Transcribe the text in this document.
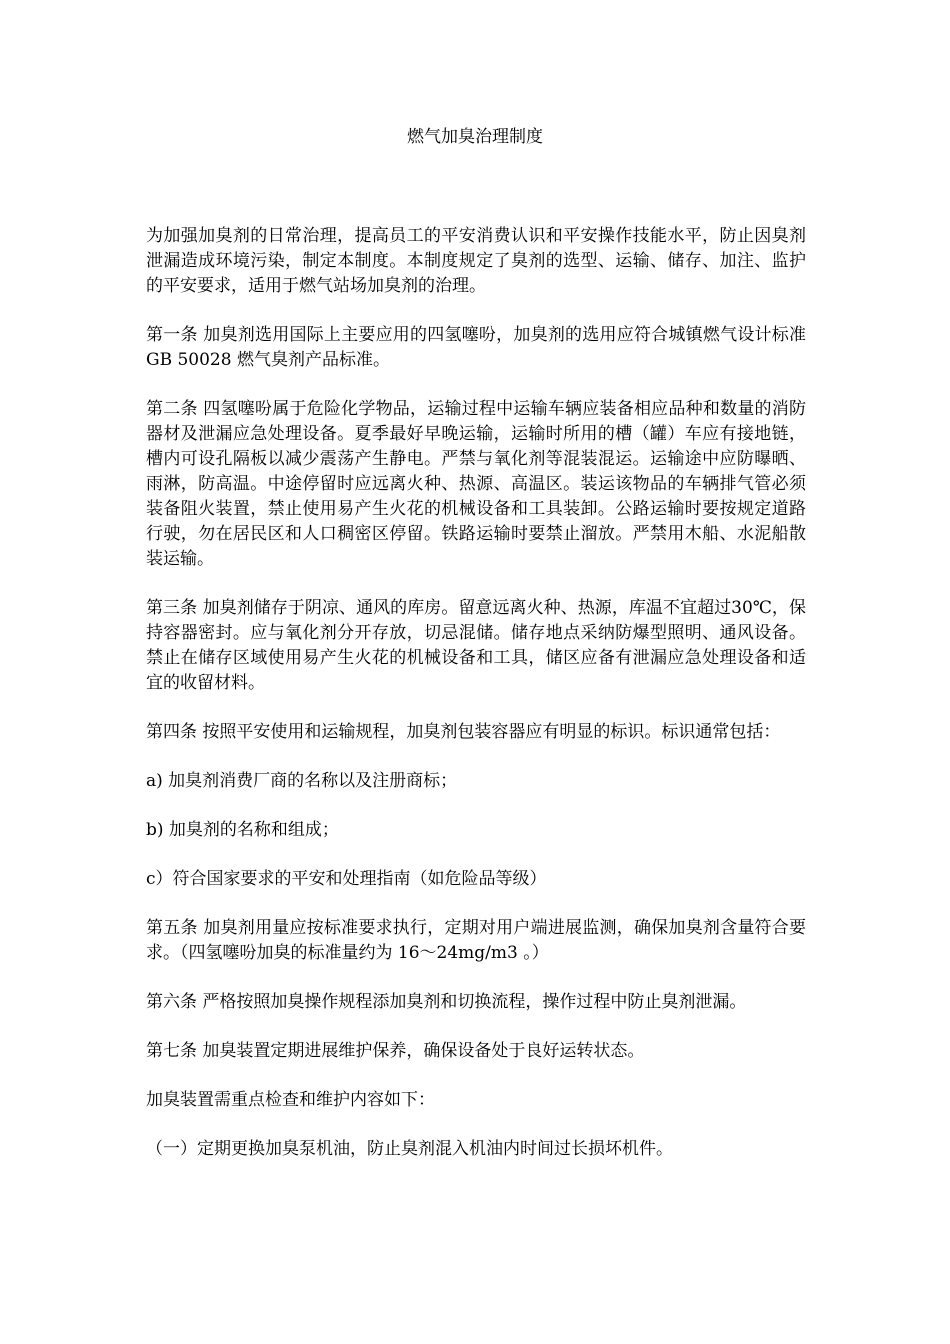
燃气加臭治理制度

为加强加臭剂的日常治理，提高员工的平安消费认识和平安操作技能水平，防止因臭剂泄漏造成环境污染，制定本制度。本制度规定了臭剂的选型、运输、储存、加注、监护的平安要求，适用于燃气站场加臭剂的治理。

第一条 加臭剂选用国际上主要应用的四氢噻吩，加臭剂的选用应符合城镇燃气设计标准 GB 50028 燃气臭剂产品标准。

第二条 四氢噻吩属于危险化学物品，运输过程中运输车辆应装备相应品种和数量的消防器材及泄漏应急处理设备。夏季最好早晚运输，运输时所用的槽（罐）车应有接地链，槽内可设孔隔板以减少震荡产生静电。严禁与氧化剂等混装混运。运输途中应防曝晒、雨淋，防高温。中途停留时应远离火种、热源、高温区。装运该物品的车辆排气管必须装备阻火装置，禁止使用易产生火花的机械设备和工具装卸。公路运输时要按规定道路行驶，勿在居民区和人口稠密区停留。铁路运输时要禁止溜放。严禁用木船、水泥船散装运输。

第三条 加臭剂储存于阴凉、通风的库房。留意远离火种、热源，库温不宜超过30℃，保持容器密封。应与氧化剂分开存放，切忌混储。储存地点采纳防爆型照明、通风设备。禁止在储存区域使用易产生火花的机械设备和工具，储区应备有泄漏应急处理设备和适宜的收留材料。

第四条 按照平安使用和运输规程，加臭剂包装容器应有明显的标识。标识通常包括：

a) 加臭剂消费厂商的名称以及注册商标；

b) 加臭剂的名称和组成；

c）符合国家要求的平安和处理指南（如危险品等级）

第五条 加臭剂用量应按标准要求执行，定期对用户端进展监测，确保加臭剂含量符合要求。（四氢噻吩加臭的标准量约为 16～24mg/m3 。）

第六条 严格按照加臭操作规程添加臭剂和切换流程，操作过程中防止臭剂泄漏。

第七条 加臭装置定期进展维护保养，确保设备处于良好运转状态。

加臭装置需重点检查和维护内容如下：

（一）定期更换加臭泵机油，防止臭剂混入机油内时间过长损坏机件。
